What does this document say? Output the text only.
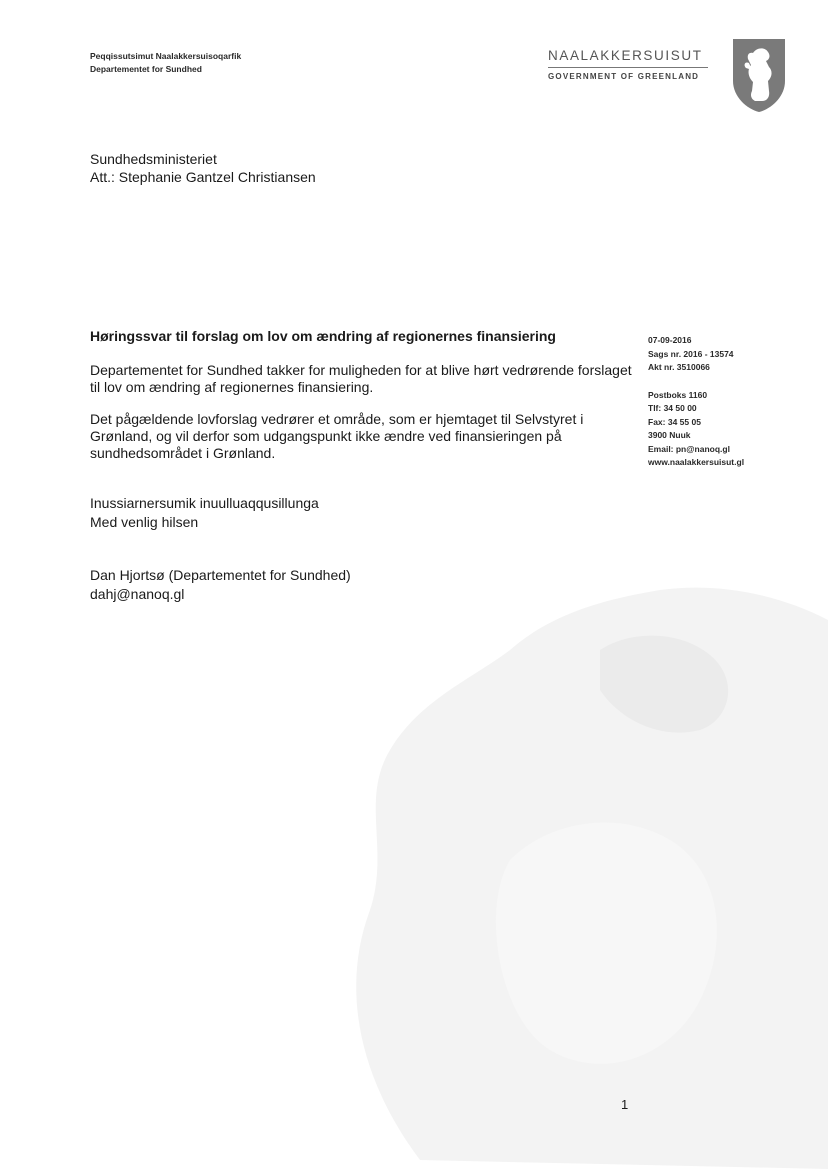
Peqqissutsimut Naalakkersuisoqarfik
Departementet for Sundhed
NAALAKKERSUISUT
GOVERNMENT OF GREENLAND
Sundhedsministeriet
Att.: Stephanie Gantzel Christiansen
Høringssvar til forslag om lov om ændring af regionernes finansiering

Departementet for Sundhed takker for muligheden for at blive hørt vedrørende forslaget til lov om ændring af regionernes finansiering.

Det pågældende lovforslag vedrører et område, som er hjemtaget til Selvstyret i Grønland, og vil derfor som udgangspunkt ikke ændre ved finansieringen på sundhedsområdet i Grønland.

Inussiarnersumik inuulluaqqusillunga
Med venlig hilsen
Dan Hjortsø (Departementet for Sundhed)
dahj@nanoq.gl
07-09-2016
Sags nr. 2016 - 13574
Akt nr. 3510066
Postboks 1160
Tlf: 34 50 00
Fax: 34 55 05
3900 Nuuk
Email: pn@nanoq.gl
www.naalakkersuisut.gl
1
